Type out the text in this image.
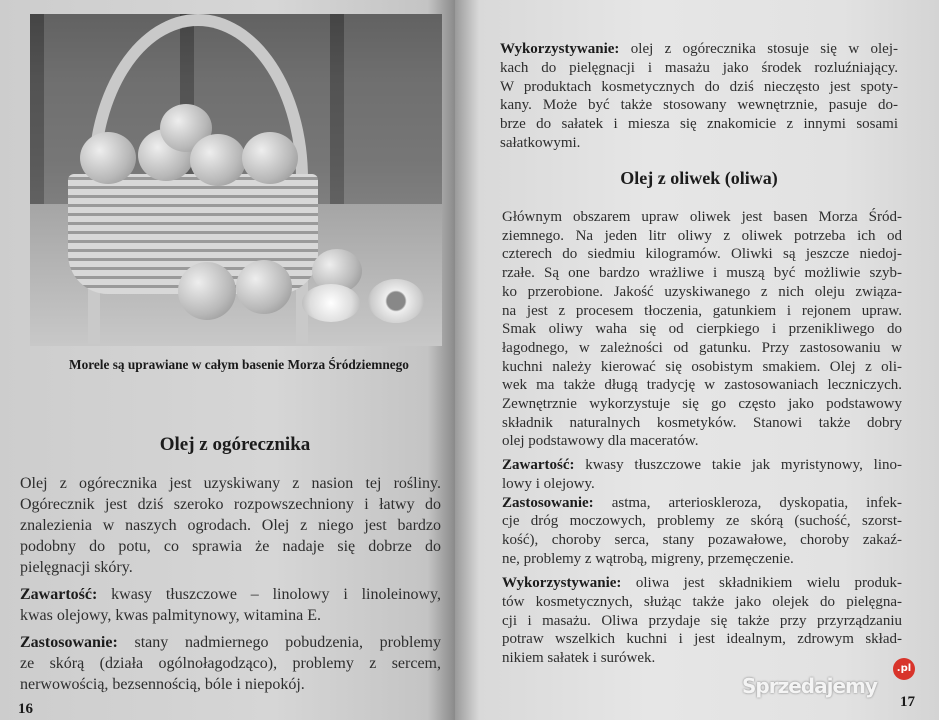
Morele są uprawiane w całym basenie Morza Śródziemnego
Olej z ogórecznika
Olej z ogórecznika jest uzyskiwany z nasion tej rośliny.
Ogórecznik jest dziś szeroko rozpowszechniony i łatwy do
znalezienia w naszych ogrodach. Olej z niego jest bardzo
podobny do potu, co sprawia że nadaje się dobrze do
pielęgnacji skóry.
Zawartość: kwasy tłuszczowe – linolowy i linoleinowy,
kwas olejowy, kwas palmitynowy, witamina E.
Zastosowanie: stany nadmiernego pobudzenia, problemy
ze skórą (działa ogólnołagodząco), problemy z sercem,
nerwowością, bezsennością, bóle i niepokój.
16
Wykorzystywanie: olej z ogórecznika stosuje się w olej-
kach do pielęgnacji i masażu jako środek rozluźniający.
W produktach kosmetycznych do dziś nieczęsto jest spoty-
kany. Może być także stosowany wewnętrznie, pasuje do-
brze do sałatek i miesza się znakomicie z innymi sosami
sałatkowymi.
Olej z oliwek (oliwa)
Głównym obszarem upraw oliwek jest basen Morza Śród-
ziemnego. Na jeden litr oliwy z oliwek potrzeba ich od
czterech do siedmiu kilogramów. Oliwki są jeszcze niedoj-
rzałe. Są one bardzo wrażliwe i muszą być możliwie szyb-
ko przerobione. Jakość uzyskiwanego z nich oleju związa-
na jest z procesem tłoczenia, gatunkiem i rejonem upraw.
Smak oliwy waha się od cierpkiego i przenikliwego do
łagodnego, w zależności od gatunku. Przy zastosowaniu w
kuchni należy kierować się osobistym smakiem. Olej z oli-
wek ma także długą tradycję w zastosowaniach leczniczych.
Zewnętrznie wykorzystuje się go często jako podstawowy
składnik naturalnych kosmetyków. Stanowi także dobry
olej podstawowy dla maceratów.
Zawartość: kwasy tłuszczowe takie jak myristynowy, lino-
lowy i olejowy.
Zastosowanie: astma, arterioskleroza, dyskopatia, infek-
cje dróg moczowych, problemy ze skórą (suchość, szorst-
kość), choroby serca, stany pozawałowe, choroby zakaź-
ne, problemy z wątrobą, migreny, przemęczenie.
Wykorzystywanie: oliwa jest składnikiem wielu produk-
tów kosmetycznych, służąc także jako olejek do pielęgna-
cji i masażu. Oliwa przydaje się także przy przyrządzaniu
potraw wszelkich kuchni i jest idealnym, zdrowym skład-
nikiem sałatek i surówek.
Sprzedajemy
.pl
17
